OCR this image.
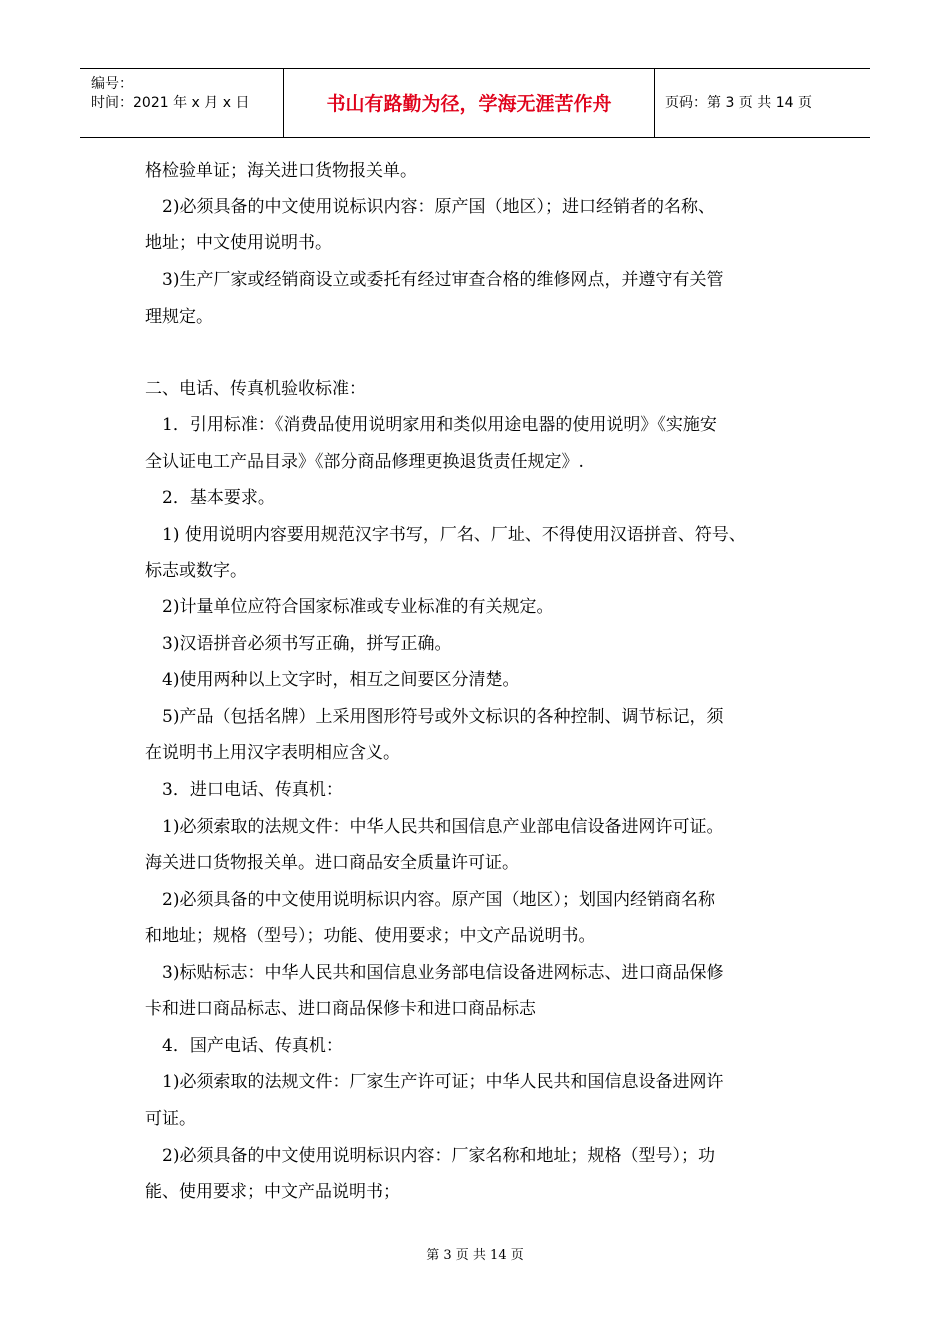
编号：
时间：2021 年 x 月 x 日	书山有路勤为径，学海无涯苦作舟	页码：第 3 页 共 14 页
格检验单证；海关进口货物报关单。
　2)必须具备的中文使用说标识内容：原产国（地区）；进口经销者的名称、
地址；中文使用说明书。
　3)生产厂家或经销商设立或委托有经过审查合格的维修网点，并遵守有关管
理规定。
二、电话、传真机验收标准：
　1．引用标准：《消费品使用说明家用和类似用途电器的使用说明》《实施安
全认证电工产品目录》《部分商品修理更换退货责任规定》.
　2．基本要求。
　1) 使用说明内容要用规范汉字书写，厂名、厂址、不得使用汉语拼音、符号、
标志或数字。
　2)计量单位应符合国家标准或专业标准的有关规定。
　3)汉语拼音必须书写正确，拼写正确。
　4)使用两种以上文字时，相互之间要区分清楚。
　5)产品（包括名牌）上采用图形符号或外文标识的各种控制、调节标记，须
在说明书上用汉字表明相应含义。
　3．进口电话、传真机：
　1)必须索取的法规文件：中华人民共和国信息产业部电信设备进网许可证。
海关进口货物报关单。进口商品安全质量许可证。
　2)必须具备的中文使用说明标识内容。原产国（地区）；划国内经销商名称
和地址；规格（型号）；功能、使用要求；中文产品说明书。
　3)标贴标志：中华人民共和国信息业务部电信设备进网标志、进口商品保修
卡和进口商品标志、进口商品保修卡和进口商品标志
　4．国产电话、传真机：
　1)必须索取的法规文件：厂家生产许可证；中华人民共和国信息设备进网许
可证。
　2)必须具备的中文使用说明标识内容：厂家名称和地址；规格（型号）；功
能、使用要求；中文产品说明书；
第 3 页 共 14 页
